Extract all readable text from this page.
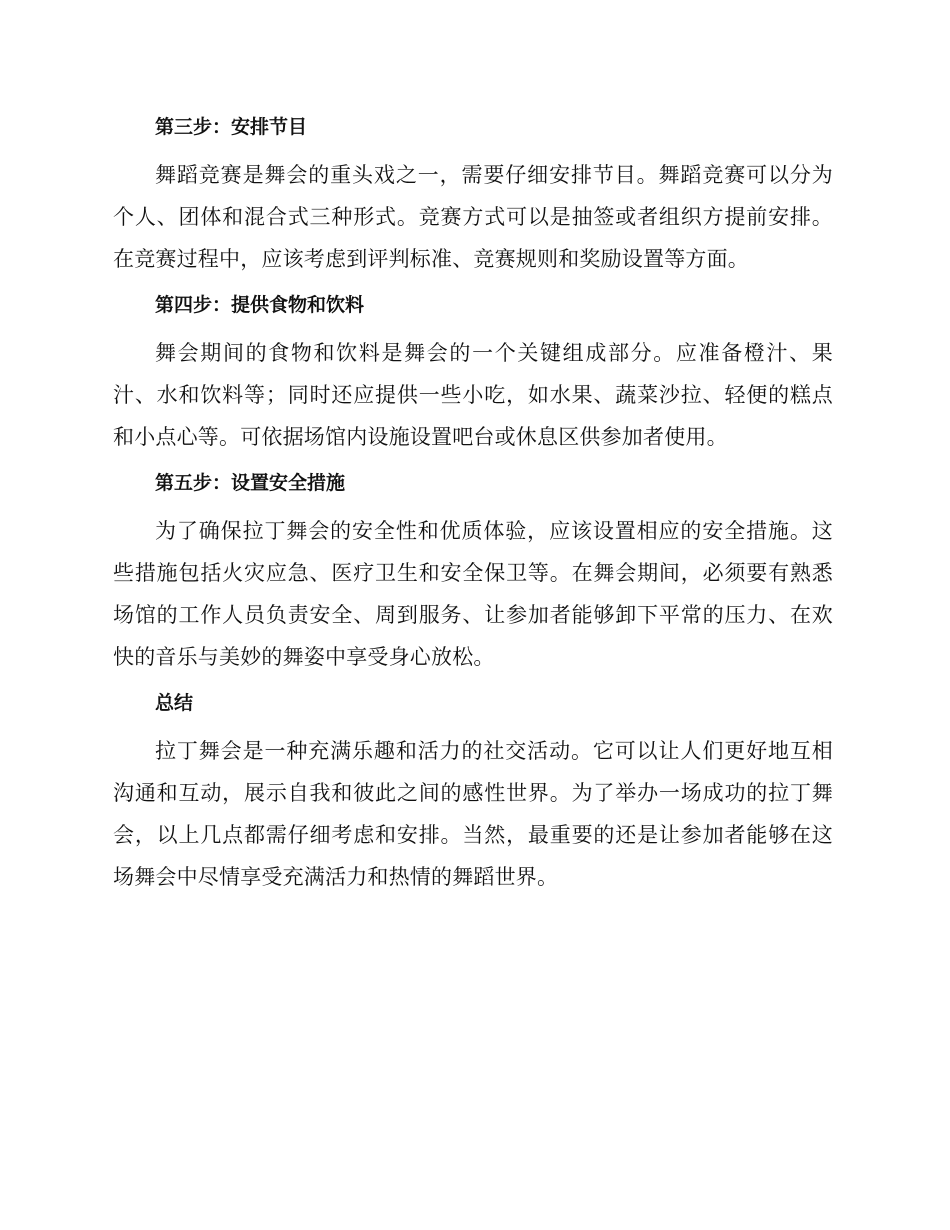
第三步：安排节目

舞蹈竞赛是舞会的重头戏之一，需要仔细安排节目。舞蹈竞赛可以分为个人、团体和混合式三种形式。竞赛方式可以是抽签或者组织方提前安排。在竞赛过程中，应该考虑到评判标准、竞赛规则和奖励设置等方面。

第四步：提供食物和饮料

舞会期间的食物和饮料是舞会的一个关键组成部分。应准备橙汁、果汁、水和饮料等；同时还应提供一些小吃，如水果、蔬菜沙拉、轻便的糕点和小点心等。可依据场馆内设施设置吧台或休息区供参加者使用。

第五步：设置安全措施

为了确保拉丁舞会的安全性和优质体验，应该设置相应的安全措施。这些措施包括火灾应急、医疗卫生和安全保卫等。在舞会期间，必须要有熟悉场馆的工作人员负责安全、周到服务、让参加者能够卸下平常的压力、在欢快的音乐与美妙的舞姿中享受身心放松。

总结

拉丁舞会是一种充满乐趣和活力的社交活动。它可以让人们更好地互相沟通和互动，展示自我和彼此之间的感性世界。为了举办一场成功的拉丁舞会，以上几点都需仔细考虑和安排。当然，最重要的还是让参加者能够在这场舞会中尽情享受充满活力和热情的舞蹈世界。
